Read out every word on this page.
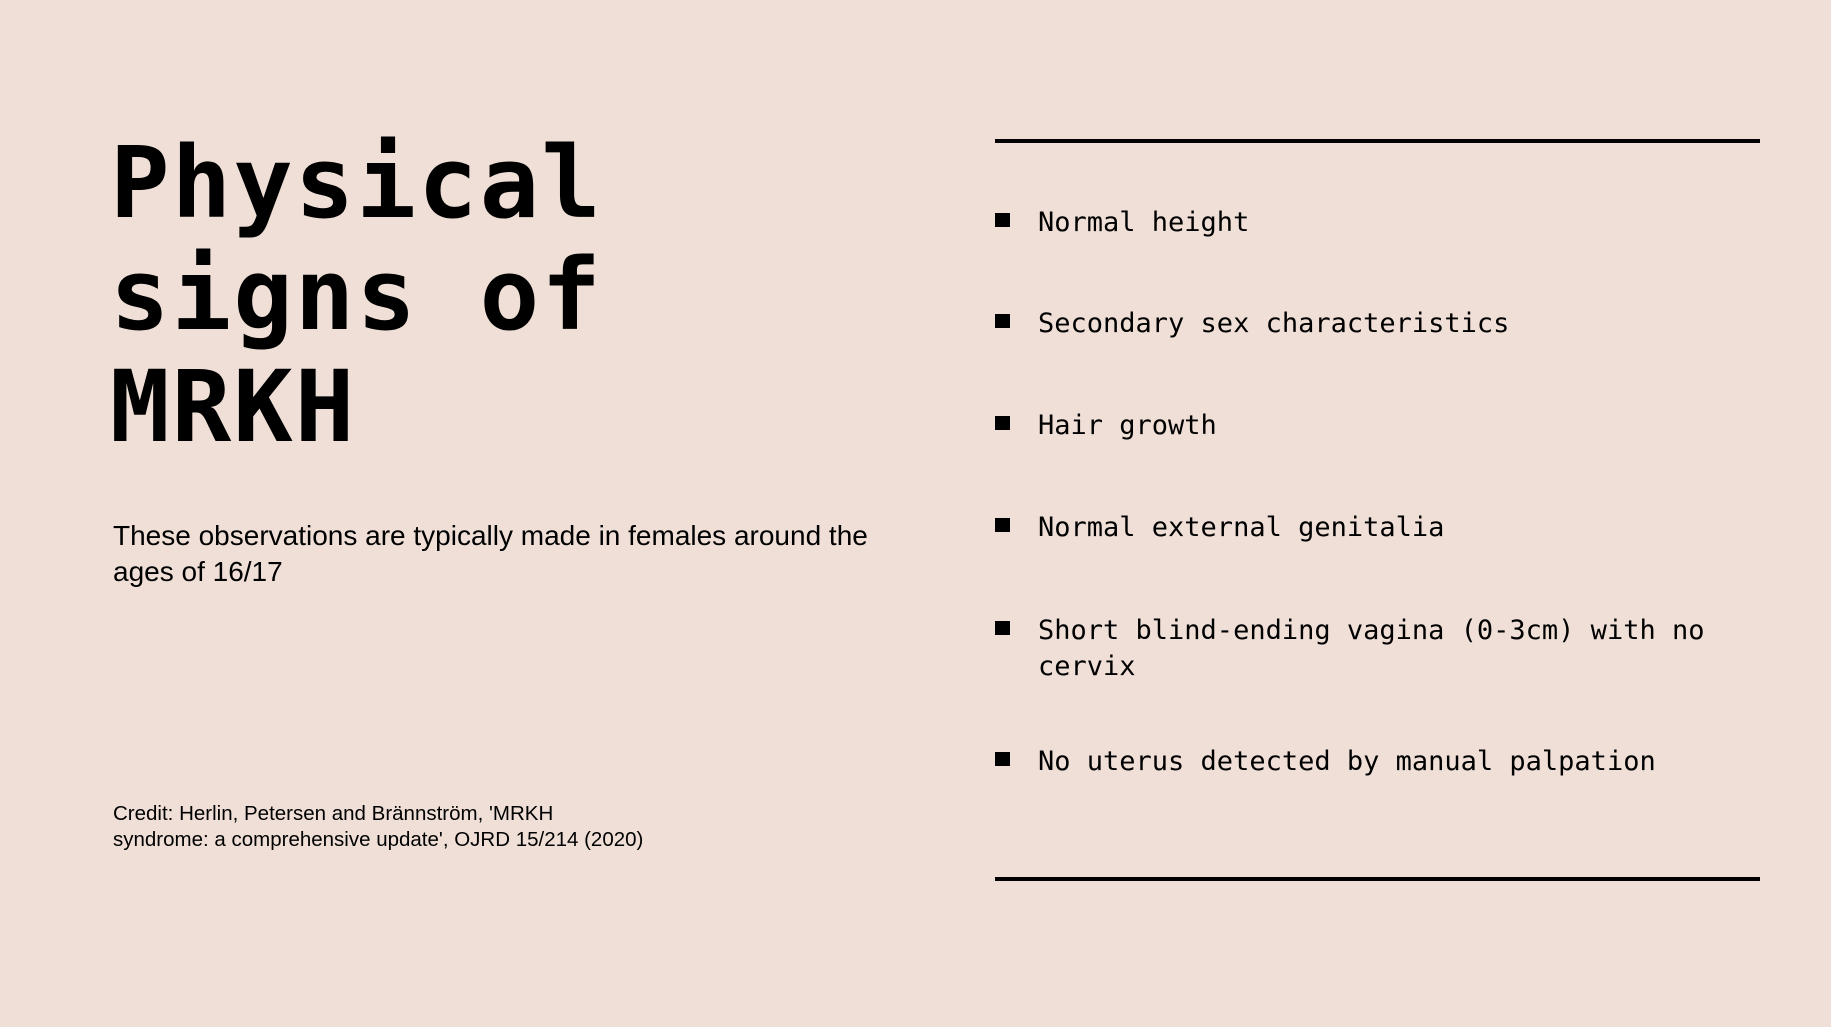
Physical
signs of
MRKH

These observations are typically made in females around the ages of 16/17

Credit: Herlin, Petersen and Brännström, 'MRKH syndrome: a comprehensive update', OJRD 15/214 (2020)

Normal height
Secondary sex characteristics
Hair growth
Normal external genitalia
Short blind-ending vagina (0-3cm) with no
cervix
No uterus detected by manual palpation
